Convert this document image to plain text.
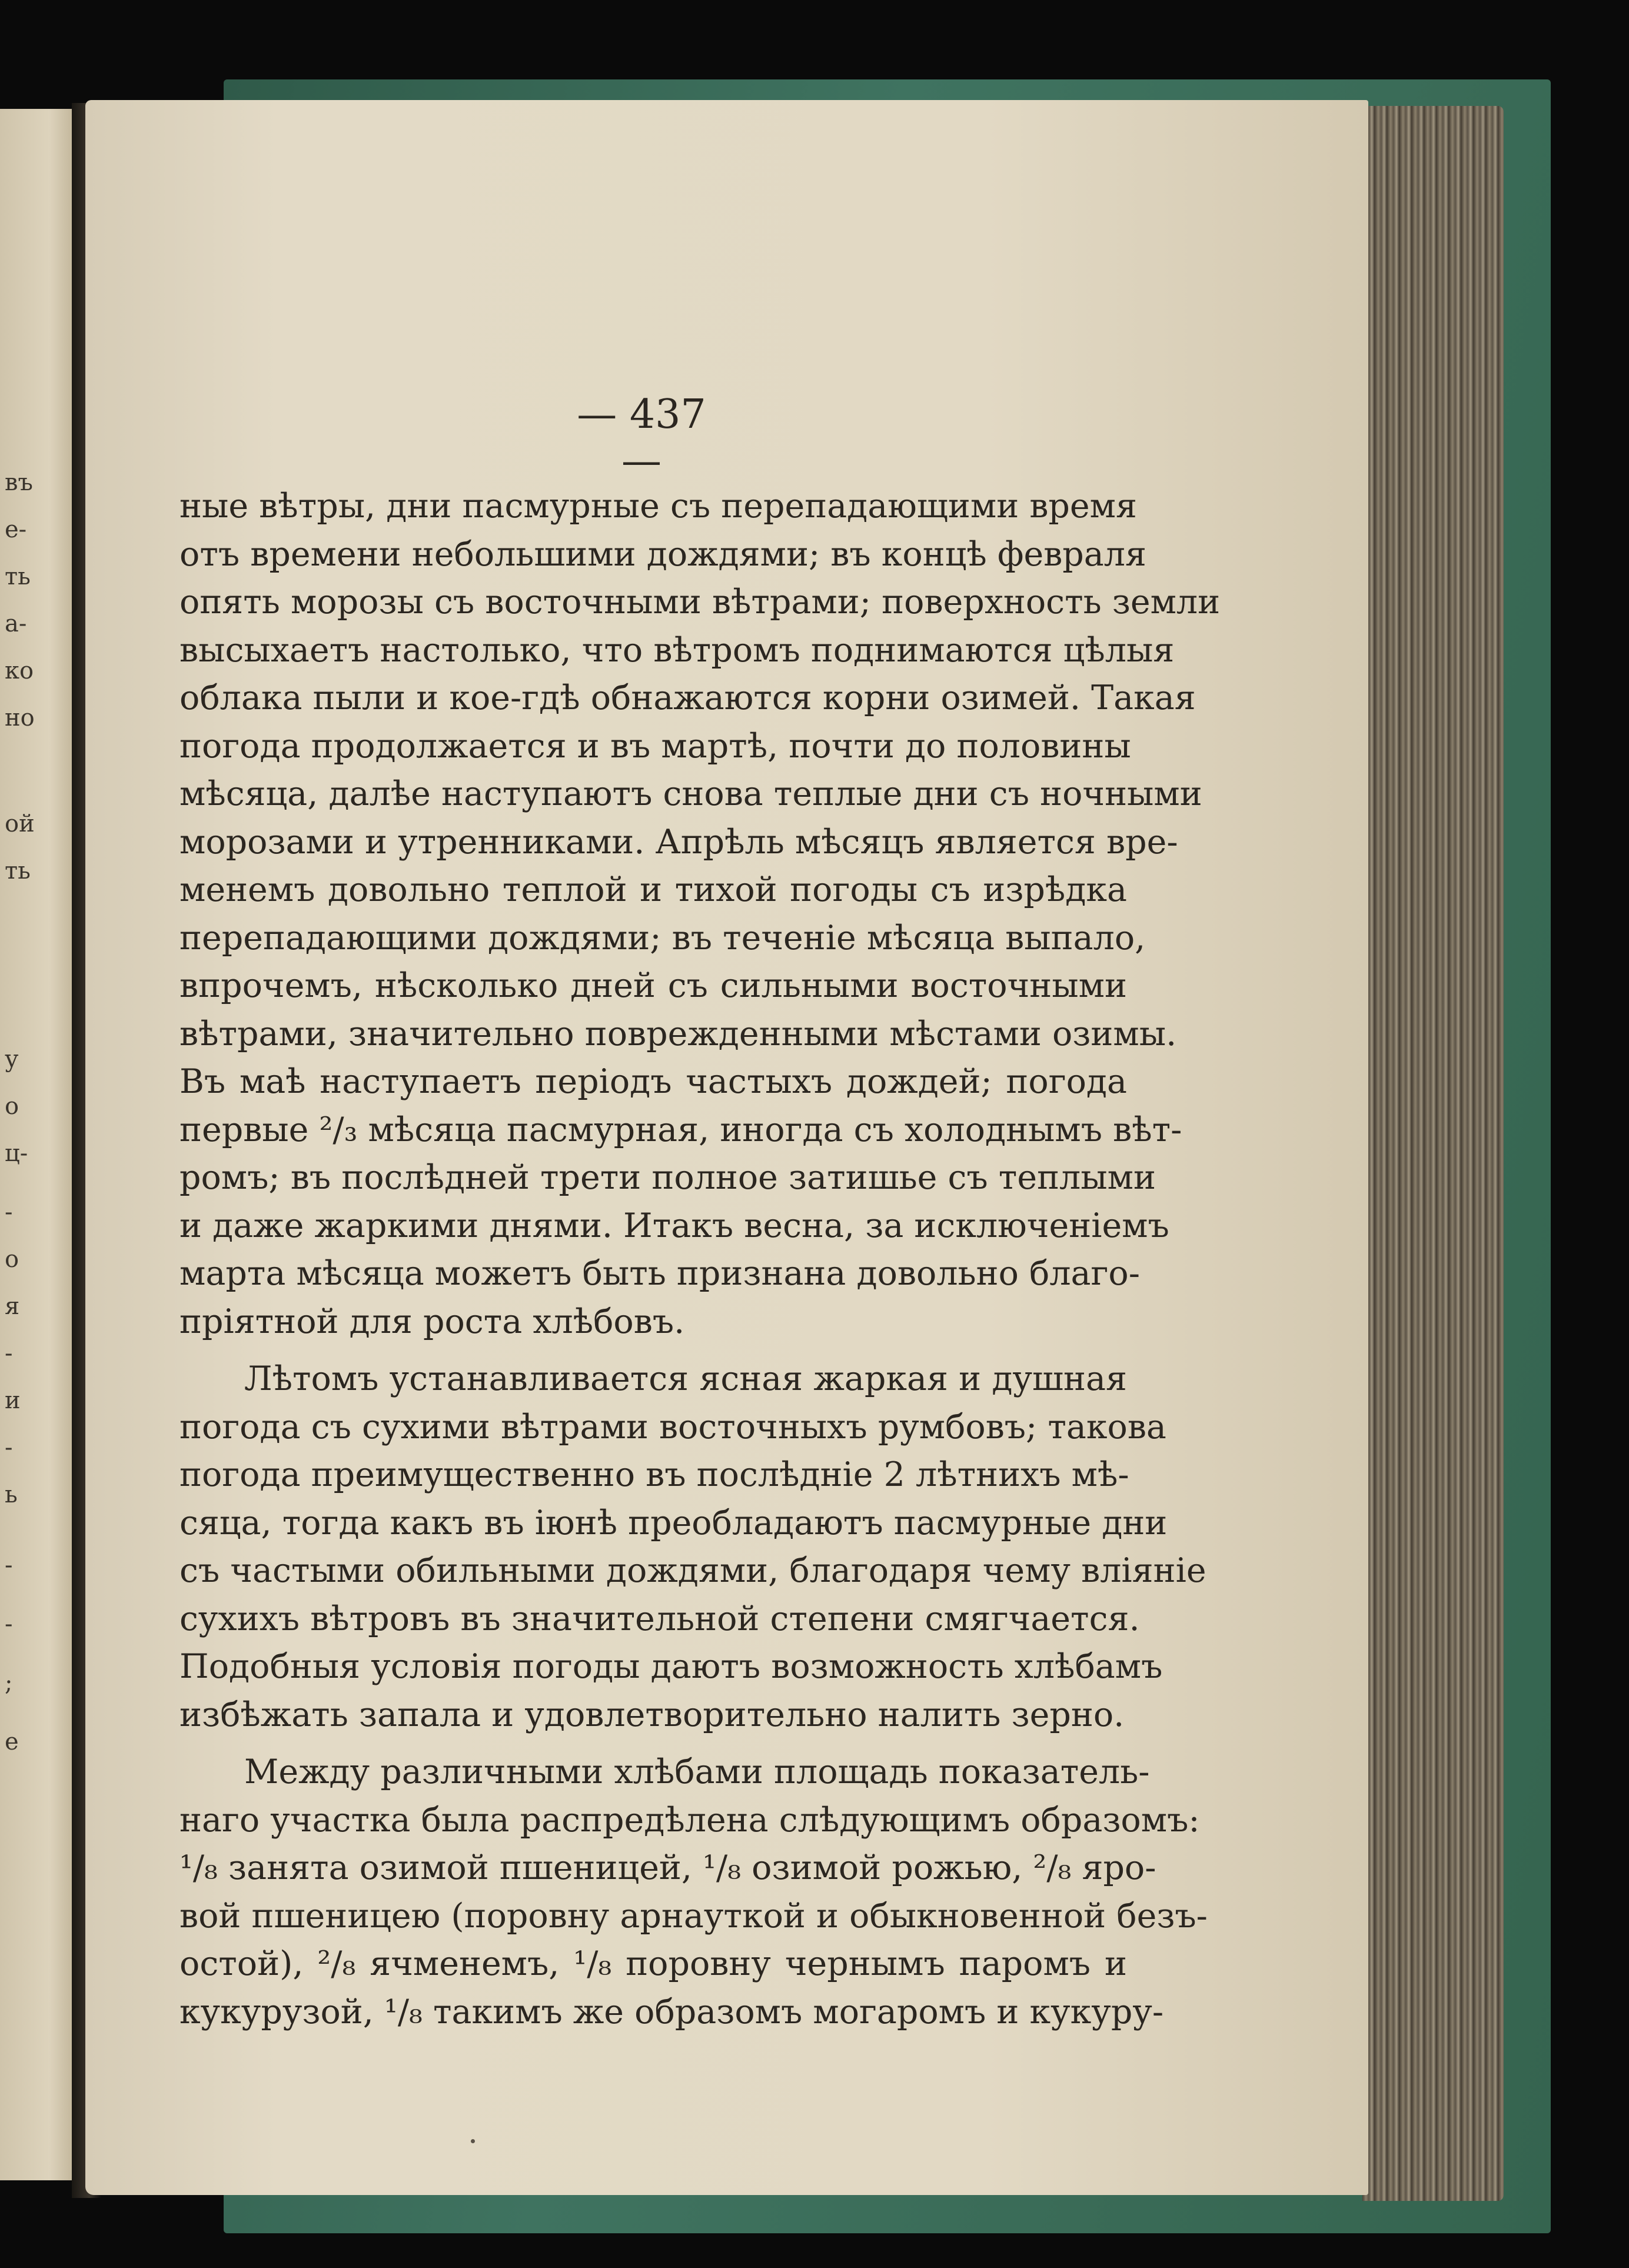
въ
е-
ть
а-
ко
но
ой
ть
у
о
ц-
-
о
я
-
и
-
ь
-
-
;
е
— 437 —
ные вѣтры, дни пасмурные съ перепадающими время
отъ времени небольшими дождями; въ концѣ февраля
опять морозы съ восточными вѣтрами; поверхность земли
высыхаетъ настолько, что вѣтромъ поднимаются цѣлыя
облака пыли и кое-гдѣ обнажаются корни озимей. Такая
погода продолжается и въ мартѣ, почти до половины
мѣсяца, далѣе наступаютъ снова теплые дни съ ночными
морозами и утренниками. Апрѣль мѣсяцъ является вре-
менемъ довольно теплой и тихой погоды съ изрѣдка
перепадающими дождями; въ теченіе мѣсяца выпало,
впрочемъ, нѣсколько дней съ сильными восточными
вѣтрами, значительно поврежденными мѣстами озимы.
Въ маѣ наступаетъ періодъ частыхъ дождей; погода
первые ²/₃ мѣсяца пасмурная, иногда съ холоднымъ вѣт-
ромъ; въ послѣдней трети полное затишье съ теплыми
и даже жаркими днями. Итакъ весна, за исключеніемъ
марта мѣсяца можетъ быть признана довольно благо-
пріятной для роста хлѣбовъ.
Лѣтомъ устанавливается ясная жаркая и душная
погода съ сухими вѣтрами восточныхъ румбовъ; такова
погода преимущественно въ послѣдніе 2 лѣтнихъ мѣ-
сяца, тогда какъ въ іюнѣ преобладаютъ пасмурные дни
съ частыми обильными дождями, благодаря чему вліяніе
сухихъ вѣтровъ въ значительной степени смягчается.
Подобныя условія погоды даютъ возможность хлѣбамъ
избѣжать запала и удовлетворительно налить зерно.
Между различными хлѣбами площадь показатель-
наго участка была распредѣлена слѣдующимъ образомъ:
¹/₈ занята озимой пшеницей, ¹/₈ озимой рожью, ²/₈ яро-
вой пшеницею (поровну арнауткой и обыкновенной безъ-
остой), ²/₈ ячменемъ, ¹/₈ поровну чернымъ паромъ и
кукурузой, ¹/₈ такимъ же образомъ могаромъ и кукуру-
